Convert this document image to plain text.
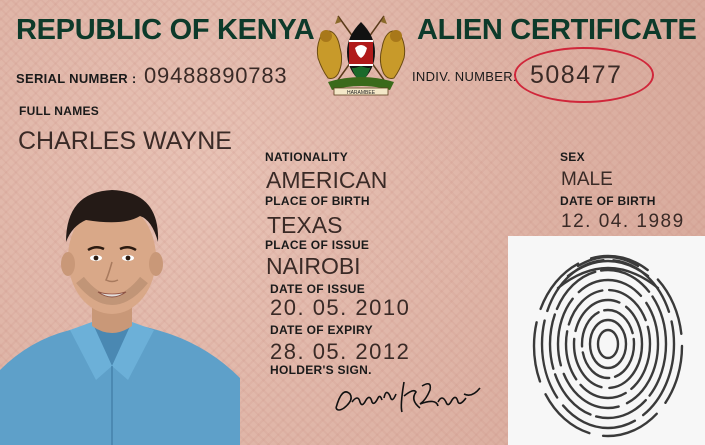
REPUBLIC OF KENYA	ALIEN CERTIFICATE
HARAMBEE
SERIAL NUMBER : 09488890783	INDIV. NUMBER: 508477
FULL NAMES
CHARLES WAYNE
NATIONALITY
AMERICAN
PLACE OF BIRTH
TEXAS
PLACE OF ISSUE
NAIROBI
DATE OF ISSUE
20. 05. 2010
DATE OF EXPIRY
28. 05. 2012
HOLDER'S SIGN.
SEX
MALE
DATE OF BIRTH
12. 04. 1989
